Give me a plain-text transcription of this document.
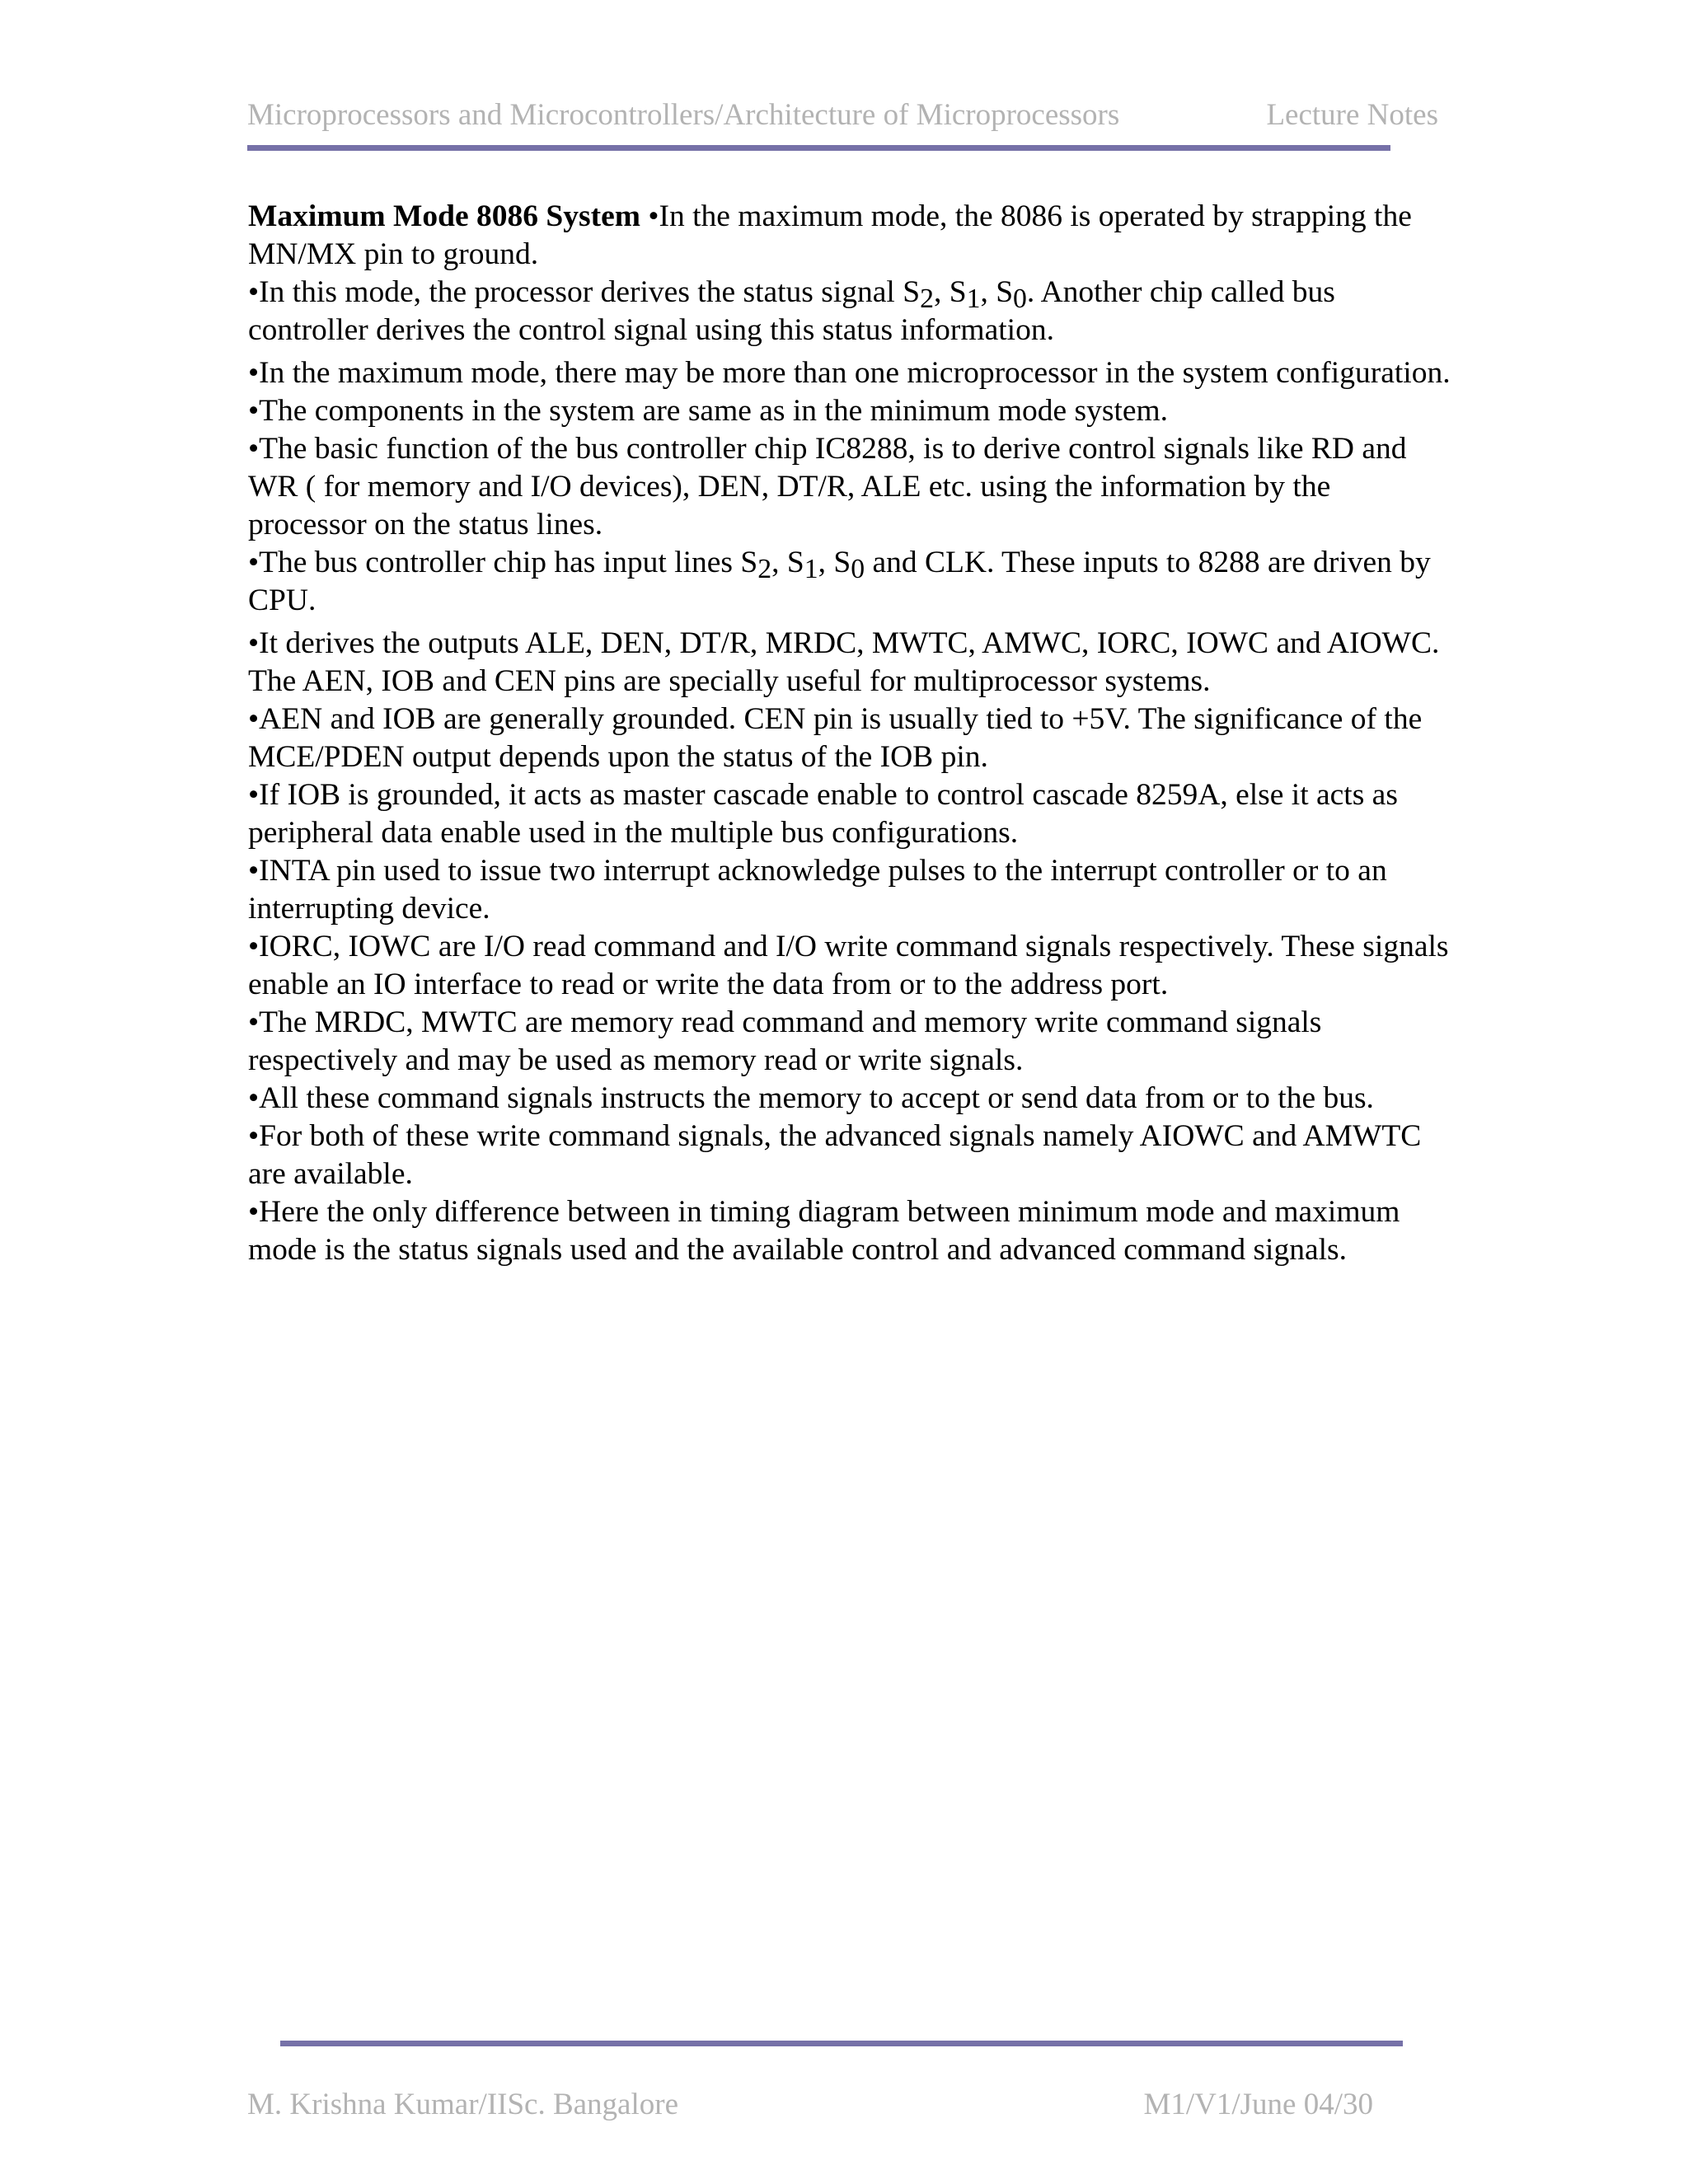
Microprocessors and Microcontrollers/Architecture of Microprocessors	Lecture Notes

Maximum Mode 8086 System •In the maximum mode, the 8086 is operated by strapping the MN/MX pin to ground.

•In this mode, the processor derives the status signal S2, S1, S0. Another chip called bus controller derives the control signal using this status information.

•In the maximum mode, there may be more than one microprocessor in the system configuration.

•The components in the system are same as in the minimum mode system.

•The basic function of the bus controller chip IC8288, is to derive control signals like RD and WR ( for memory and I/O devices), DEN, DT/R, ALE etc. using the information by the processor on the status lines.

•The bus controller chip has input lines S2, S1, S0 and CLK. These inputs to 8288 are driven by CPU.

•It derives the outputs ALE, DEN, DT/R, MRDC, MWTC, AMWC, IORC, IOWC and AIOWC. The AEN, IOB and CEN pins are specially useful for multiprocessor systems.

•AEN and IOB are generally grounded. CEN pin is usually tied to +5V. The significance of the MCE/PDEN output depends upon the status of the IOB pin.

•If IOB is grounded, it acts as master cascade enable to control cascade 8259A, else it acts as peripheral data enable used in the multiple bus configurations.

•INTA pin used to issue two interrupt acknowledge pulses to the interrupt controller or to an interrupting device.

•IORC, IOWC are I/O read command and I/O write command signals respectively. These signals enable an IO interface to read or write the data from or to the address port.

•The MRDC, MWTC are memory read command and memory write command signals respectively and may be used as memory read or write signals.

•All these command signals instructs the memory to accept or send data from or to the bus.

•For both of these write command signals, the advanced signals namely AIOWC and AMWTC are available.

•Here the only difference between in timing diagram between minimum mode and maximum mode is the status signals used and the available control and advanced command signals.

M. Krishna Kumar/IISc. Bangalore	M1/V1/June 04/30
